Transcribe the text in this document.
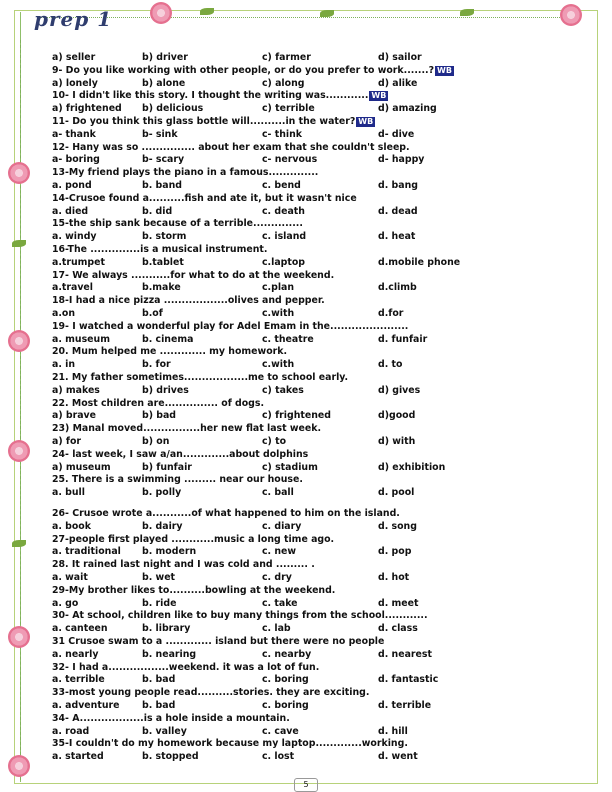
prep 1
a) seller	b) driver	c) farmer	d) sailor
9- Do you like working with other people, or do you prefer to work.......? WB
a) lonely	b) alone	c) along	d) alike
10- I didn't like this story. I thought the writing was............ WB
a) frightened b) delicious	c) terrible	d) amazing
11- Do you think this glass bottle will..........in the water? WB
a- thank	b- sink	c- think	d- dive
12- Hany was so ............... about her exam that she couldn't sleep.
a- boring	b- scary	c- nervous	d- happy
13-My friend plays the piano in a famous..............
a. pond	b. band	c. bend	d. bang
14-Crusoe found a..........fish and ate it, but it wasn't nice
a. died	b. did	c. death	d. dead
15-the ship sank because of a terrible..............
a. windy	b. storm	c. island	d. heat
16-The ..............is a musical instrument.
a.trumpet	b.tablet	c.laptop	d.mobile phone
17- We always ...........for what to do at the weekend.
a.travel	b.make	c.plan	d.climb
18-I had a nice pizza ..................olives and pepper.
a.on	b.of	c.with	d.for
19- I watched a wonderful play for Adel Emam in the......................
a. museum	b. cinema	c. theatre	d. funfair
20. Mum helped me ............. my homework.
a. in	b. for	c.with	d. to
21. My father sometimes..................me to school early.
a) makes	b) drives	c) takes	d) gives
22. Most children are............... of dogs.
a) brave	b) bad	c) frightened	d)good
23) Manal moved................her new flat last week.
a) for	b) on	c) to	d) with
24- last week, I saw a/an.............about dolphins
a) museum	b) funfair	c) stadium	d) exhibition
25. There is a swimming ......... near our house.
a. bull	b. polly	c. ball	d. pool
26- Crusoe wrote a...........of what happened to him on the island.
a. book	b. dairy	c. diary	d. song
27-people first played ............music a long time ago.
a. traditional b. modern	c. new	d. pop
28. It rained last night and I was cold and ......... .
a. wait	b. wet	c. dry	d. hot
29-My brother likes to..........bowling at the weekend.
a. go	b. ride	c. take	d. meet
30- At school, children like to buy many things from the school............
a. canteen	b. library	c. lab	d. class
31 Crusoe swam to a ............. island but there were no people
a. nearly	b. nearing	c. nearby	d. nearest
32- I had a.................weekend. it was a lot of fun.
a. terrible	b. bad	c. boring	d. fantastic
33-most young people read..........stories. they are exciting.
a. adventure b. bad	c. boring	d. terrible
34- A..................is a hole inside a mountain.
a. road	b. valley	c. cave	d. hill
35-I couldn't do my homework because my laptop.............working.
a. started	b. stopped	c. lost	d. went
5
